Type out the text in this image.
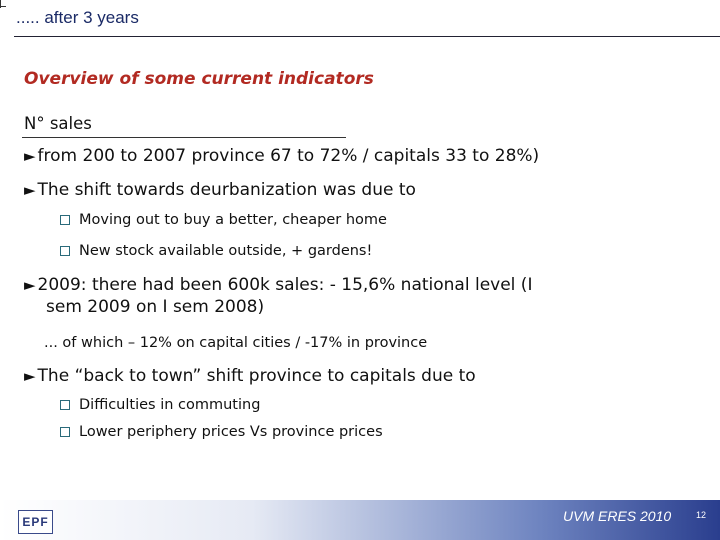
..... after 3 years
Overview of some current indicators
N° sales
► from 200 to 2007 province 67 to 72% / capitals 33 to 28%)
► The shift towards deurbanization was due to
Moving out to buy a better, cheaper home
New stock available outside, + gardens!
► 2009: there had been 600k sales: - 15,6% national level (I
sem 2009 on I sem 2008)
... of which – 12% on capital cities / -17% in province
► The “back to town” shift province to capitals due to
Difficulties in commuting
Lower periphery prices Vs province prices
EPF	UVM ERES 2010	12
